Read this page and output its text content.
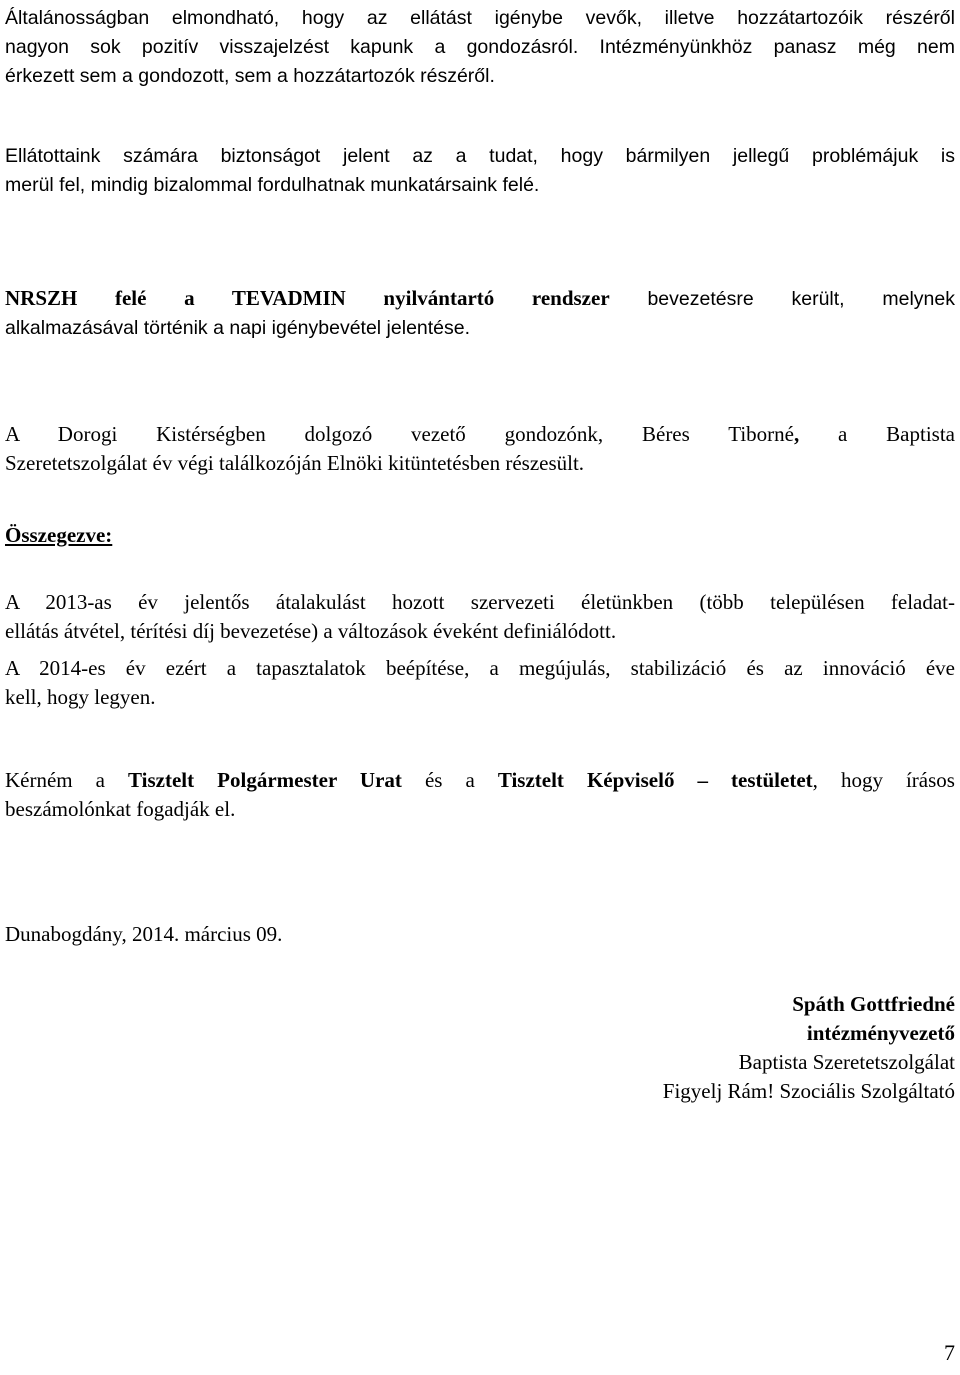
Általánosságban elmondható, hogy az ellátást igénybe vevők, illetve hozzátartozóik részéről
nagyon sok pozitív visszajelzést kapunk a gondozásról. Intézményünkhöz panasz még nem
érkezett sem a gondozott, sem a hozzátartozók részéről.

Ellátottaink számára biztonságot jelent az a tudat, hogy bármilyen jellegű problémájuk is
merül fel, mindig bizalommal fordulhatnak munkatársaink felé.

NRSZH felé a TEVADMIN nyilvántartó rendszer bevezetésre került, melynek
alkalmazásával történik a napi igénybevétel jelentése.

A Dorogi Kistérségben dolgozó vezető gondozónk, Béres Tiborné, a Baptista
Szeretetszolgálat év végi találkozóján Elnöki kitüntetésben részesült.

Összegezve:

A 2013-as év jelentős átalakulást hozott szervezeti életünkben (több településen feladat-
ellátás átvétel, térítési díj bevezetése) a változások éveként definiálódott.

A 2014-es év ezért a tapasztalatok beépítése, a megújulás, stabilizáció és az innováció éve
kell, hogy legyen.

Kérném a Tisztelt Polgármester Urat és a Tisztelt Képviselő – testületet, hogy írásos
beszámolónkat fogadják el.

Dunabogdány, 2014. március 09.

Spáth Gottfriedné
intézményvezető
Baptista Szeretetszolgálat
Figyelj Rám! Szociális Szolgáltató
7
